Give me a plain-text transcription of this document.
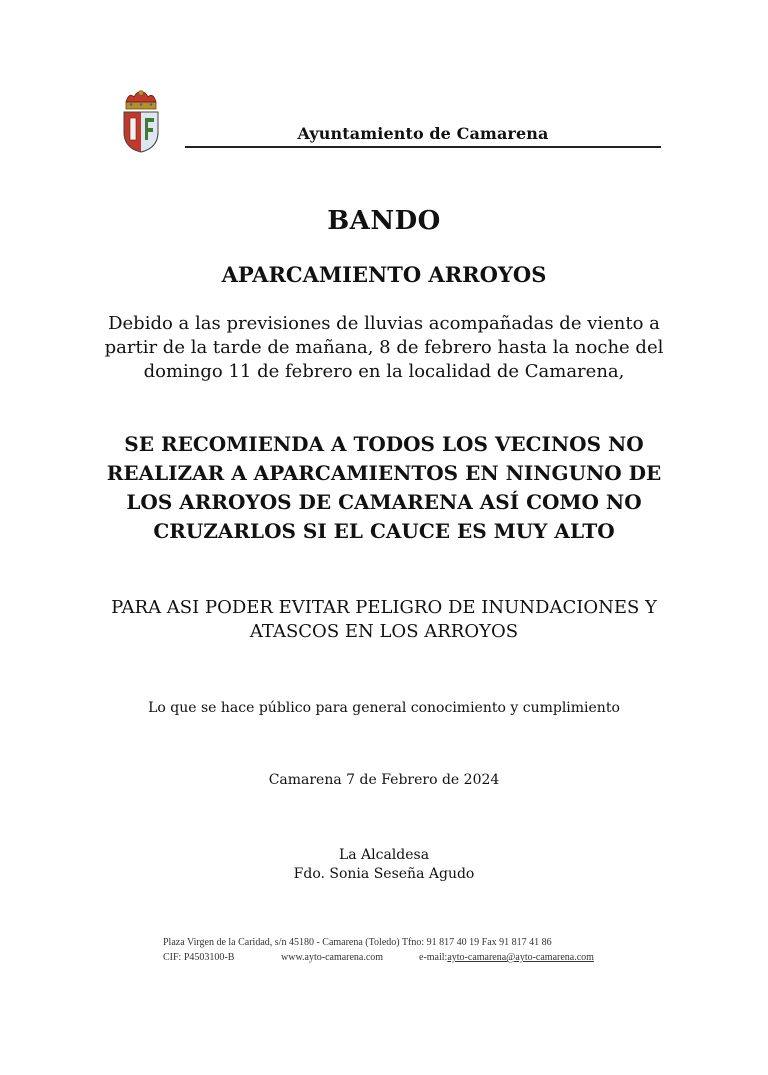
Ayuntamiento de Camarena
BANDO
APARCAMIENTO ARROYOS
Debido a las previsiones de lluvias acompañadas de viento a
partir de la tarde de mañana, 8 de febrero hasta la noche del
domingo 11 de febrero en la localidad de Camarena,
SE RECOMIENDA A TODOS LOS VECINOS NO
REALIZAR A APARCAMIENTOS EN NINGUNO DE
LOS ARROYOS DE CAMARENA ASÍ COMO NO
CRUZARLOS SI EL CAUCE ES MUY ALTO
PARA ASI PODER EVITAR PELIGRO DE INUNDACIONES Y
ATASCOS EN LOS ARROYOS
Lo que se hace público para general conocimiento y cumplimiento
Camarena 7 de Febrero de 2024
La Alcaldesa
Fdo. Sonia Seseña Agudo
Plaza Virgen de la Caridad, s/n 45180 - Camarena (Toledo) Tfno: 91 817 40 19 Fax 91 817 41 86
CIF: P4503100-B	www.ayto-camarena.com	e-mail:ayto-camarena@ayto-camarena.com
